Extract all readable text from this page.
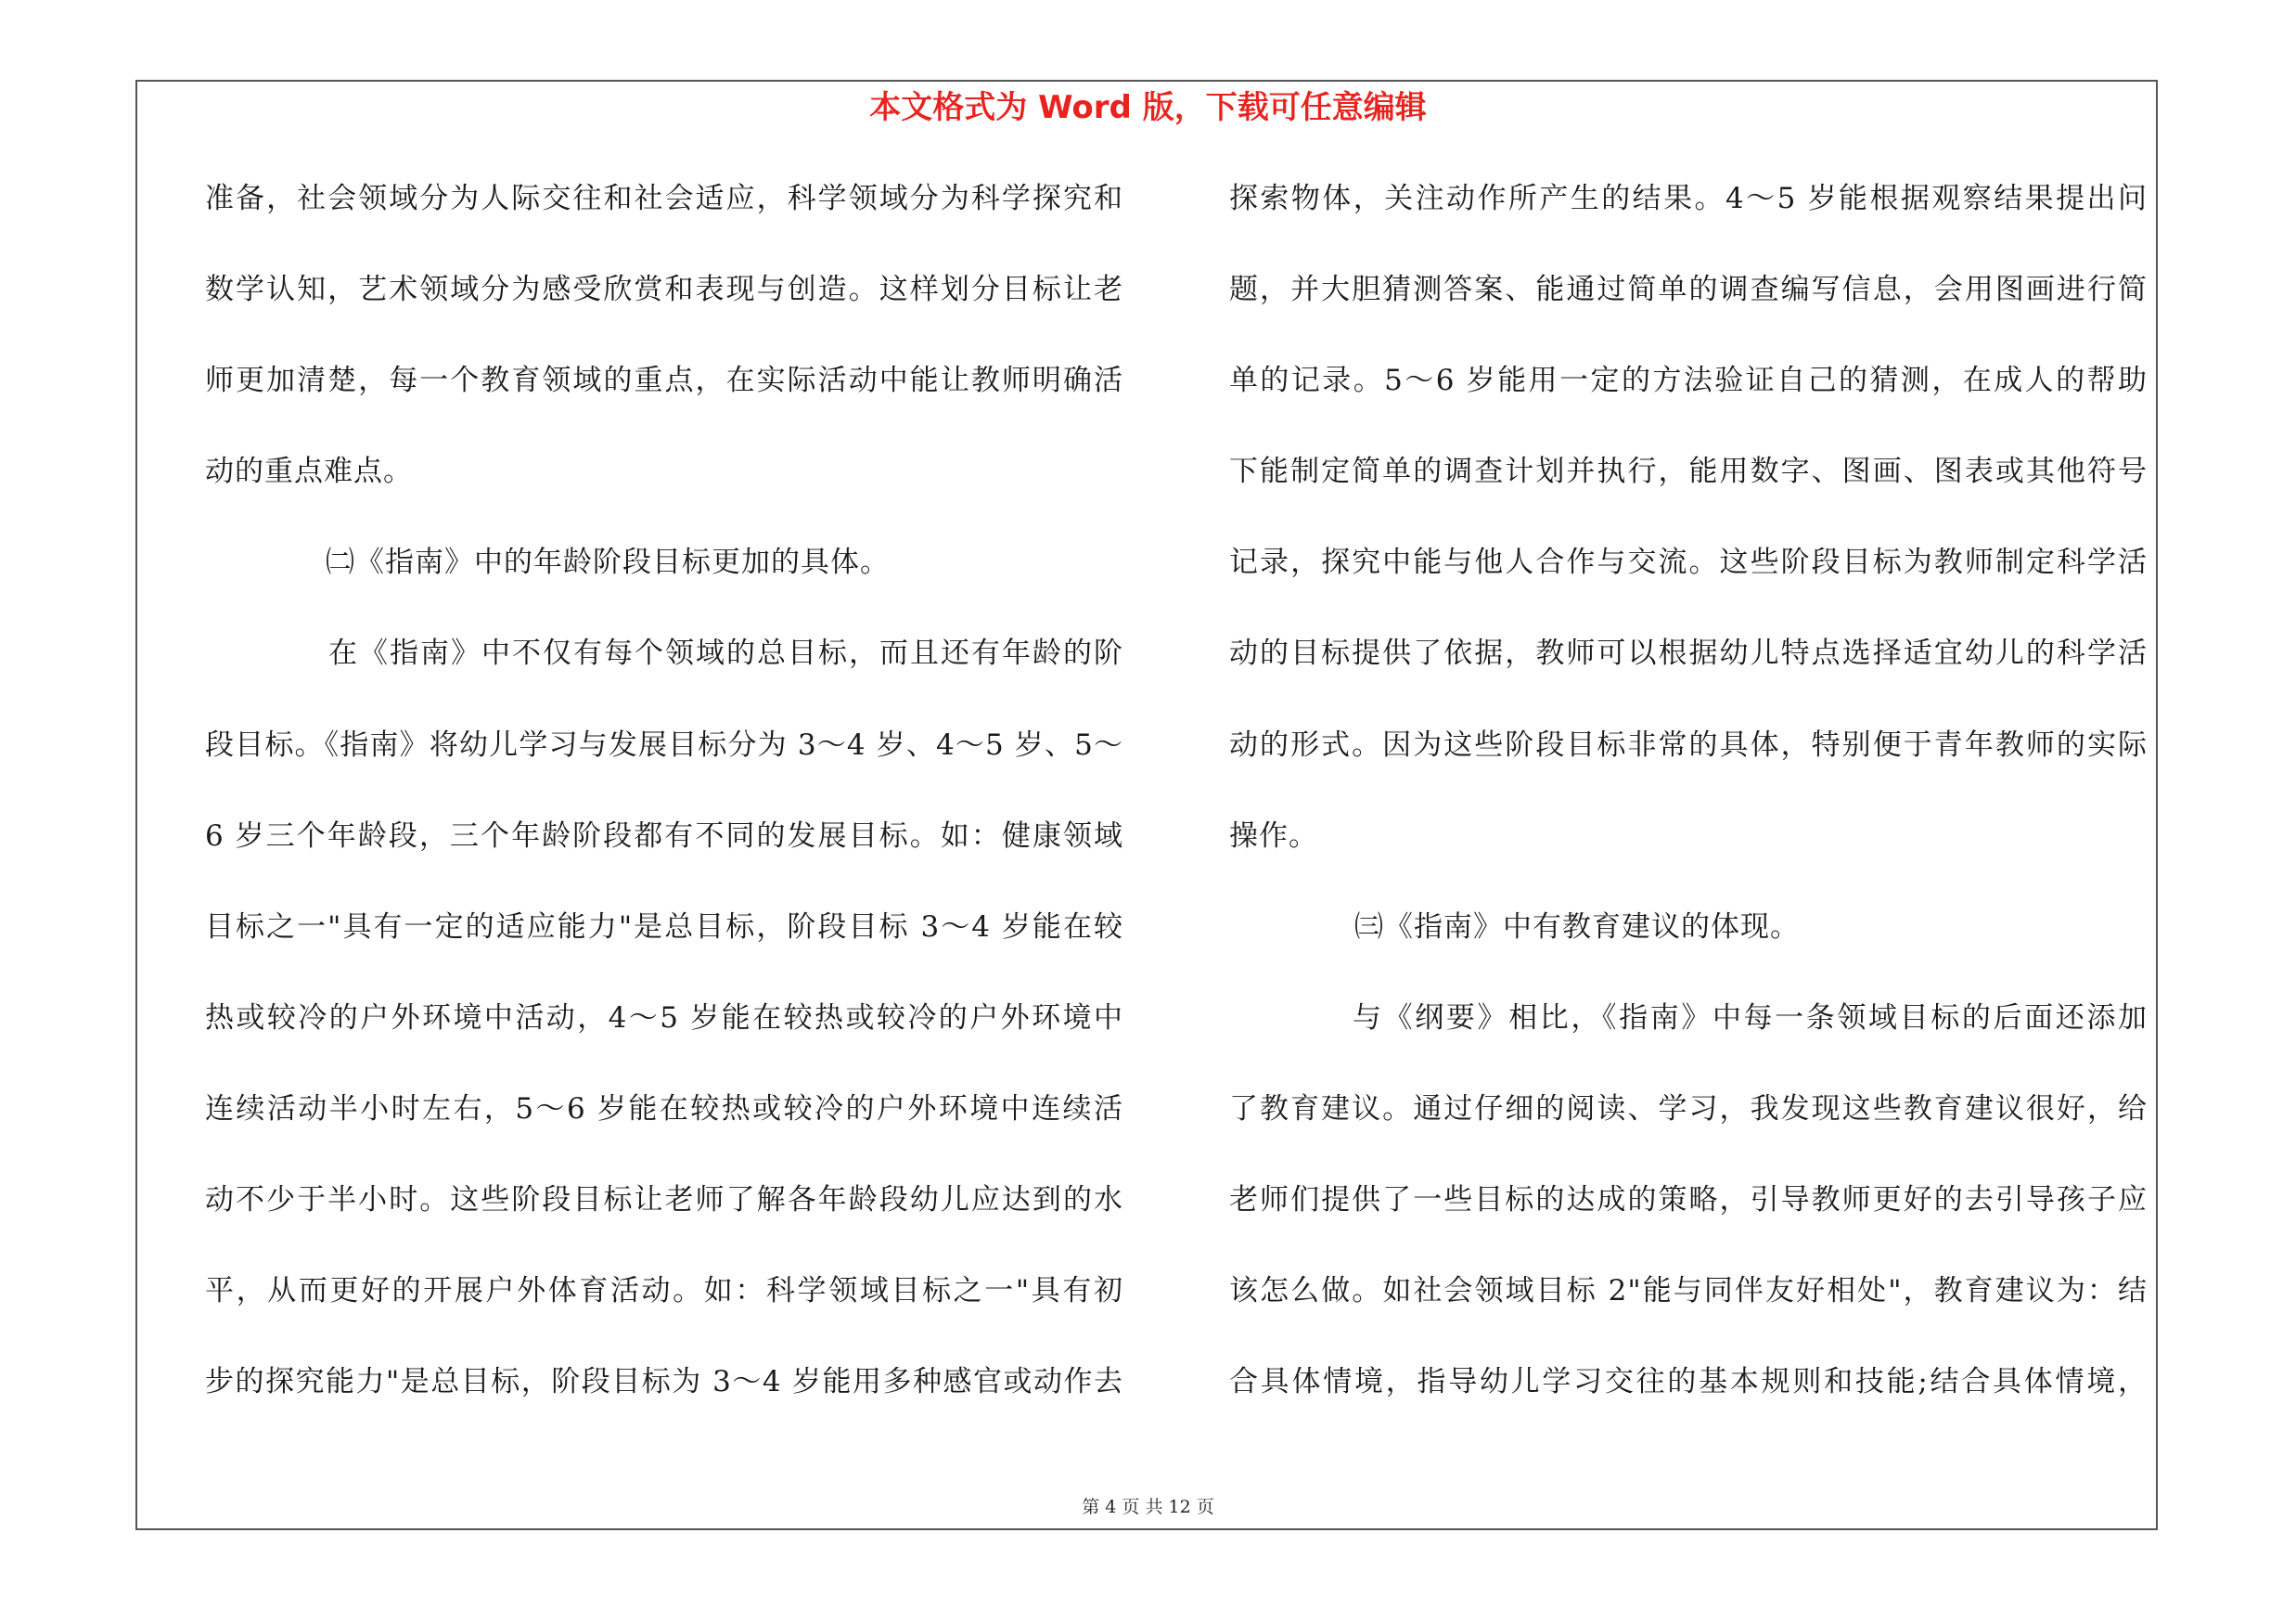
本文格式为 Word 版，下载可任意编辑
准备，社会领域分为人际交往和社会适应，科学领域分为科学探究和
数学认知，艺术领域分为感受欣赏和表现与创造。这样划分目标让老
师更加清楚，每一个教育领域的重点，在实际活动中能让教师明确活
动的重点难点。
㈡《指南》中的年龄阶段目标更加的具体。
在《指南》中不仅有每个领域的总目标，而且还有年龄的阶
段目标。《指南》将幼儿学习与发展目标分为 3～4 岁、4～5 岁、5～
6 岁三个年龄段，三个年龄阶段都有不同的发展目标。如：健康领域
目标之一"具有一定的适应能力"是总目标，阶段目标 3～4 岁能在较
热或较冷的户外环境中活动，4～5 岁能在较热或较冷的户外环境中
连续活动半小时左右，5～6 岁能在较热或较冷的户外环境中连续活
动不少于半小时。这些阶段目标让老师了解各年龄段幼儿应达到的水
平，从而更好的开展户外体育活动。如：科学领域目标之一"具有初
步的探究能力"是总目标，阶段目标为 3～4 岁能用多种感官或动作去
探索物体，关注动作所产生的结果。4～5 岁能根据观察结果提出问
题，并大胆猜测答案、能通过简单的调查编写信息，会用图画进行简
单的记录。5～6 岁能用一定的方法验证自己的猜测，在成人的帮助
下能制定简单的调查计划并执行，能用数字、图画、图表或其他符号
记录，探究中能与他人合作与交流。这些阶段目标为教师制定科学活
动的目标提供了依据，教师可以根据幼儿特点选择适宜幼儿的科学活
动的形式。因为这些阶段目标非常的具体，特别便于青年教师的实际
操作。
㈢《指南》中有教育建议的体现。
与《纲要》相比，《指南》中每一条领域目标的后面还添加
了教育建议。通过仔细的阅读、学习，我发现这些教育建议很好，给
老师们提供了一些目标的达成的策略，引导教师更好的去引导孩子应
该怎么做。如社会领域目标 2"能与同伴友好相处"，教育建议为：结
合具体情境，指导幼儿学习交往的基本规则和技能;结合具体情境，
第 4 页 共 12 页
